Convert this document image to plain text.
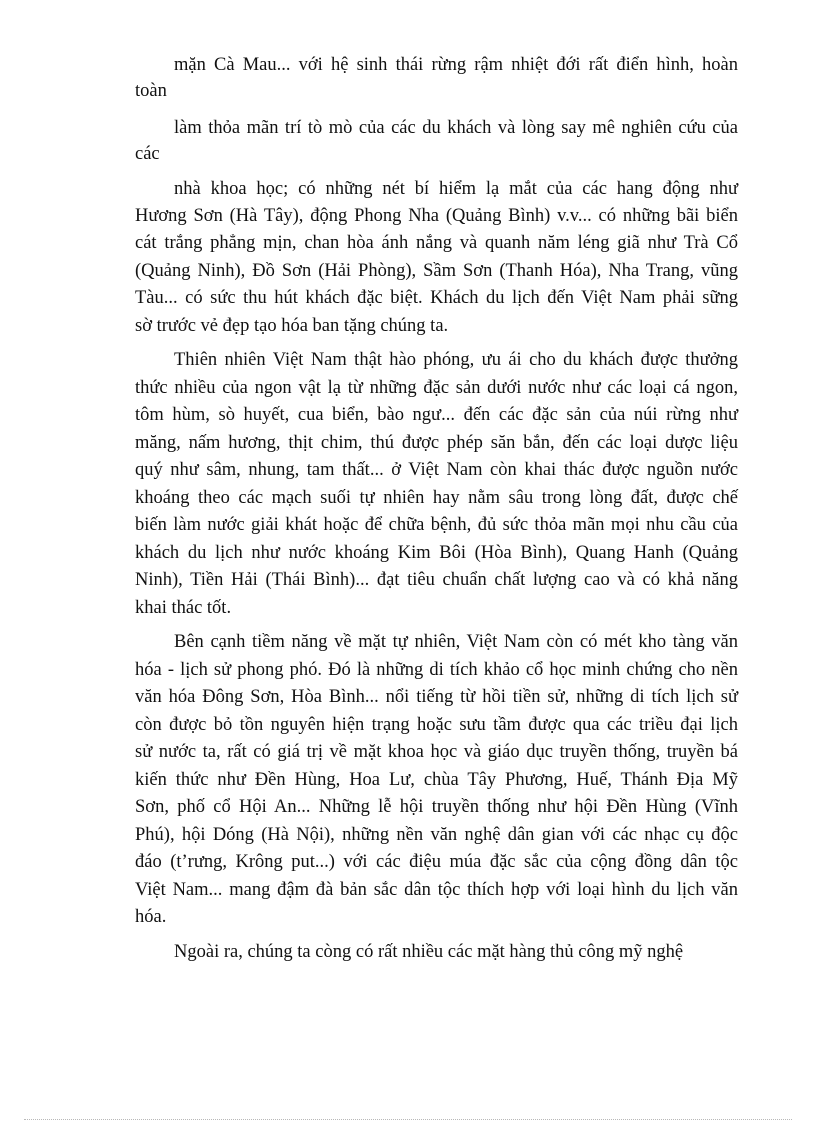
mặn Cà Mau... với hệ sinh thái rừng rậm nhiệt đới rất điển hình, hoàn
toàn
làm thỏa mãn trí tò mò của các du khách và lòng say mê nghiên cứu của
các
nhà khoa học; có những nét bí hiểm lạ mắt của các hang động như
Hương Sơn (Hà Tây), động Phong Nha (Quảng Bình) v.v... có những bãi biển
cát trắng phẳng mịn, chan hòa ánh nắng và quanh năm léng giã như Trà Cổ
(Quảng Ninh), Đồ Sơn (Hải Phòng), Sầm Sơn (Thanh Hóa), Nha Trang, vũng
Tàu... có sức thu hút khách đặc biệt. Khách du lịch đến Việt Nam phải sững
sờ trước vẻ đẹp tạo hóa ban tặng chúng ta.
Thiên nhiên Việt Nam thật hào phóng, ưu ái cho du khách được thưởng
thức nhiều của ngon vật lạ từ những đặc sản dưới nước như các loại cá ngon,
tôm hùm, sò huyết, cua biển, bào ngư... đến các đặc sản của núi rừng như
măng, nấm hương, thịt chim, thú được phép săn bắn, đến các loại dược liệu
quý như sâm, nhung, tam thất... ở Việt Nam còn khai thác được nguồn nước
khoáng theo các mạch suối tự nhiên hay nằm sâu trong lòng đất, được chế
biến làm nước giải khát hoặc để chữa bệnh, đủ sức thỏa mãn mọi nhu cầu của
khách du lịch như nước khoáng Kim Bôi (Hòa Bình), Quang Hanh (Quảng
Ninh), Tiền Hải (Thái Bình)... đạt tiêu chuẩn chất lượng cao và có khả năng
khai thác tốt.
Bên cạnh tiềm năng về mặt tự nhiên, Việt Nam còn có mét kho tàng văn
hóa - lịch sử phong phó. Đó là những di tích khảo cổ học minh chứng cho nền
văn hóa Đông Sơn, Hòa Bình... nổi tiếng từ hồi tiền sử, những di tích lịch sử
còn được bỏ tồn nguyên hiện trạng hoặc sưu tầm được qua các triều đại lịch
sử nước ta, rất có giá trị về mặt khoa học và giáo dục truyền thống, truyền bá
kiến thức như Đền Hùng, Hoa Lư, chùa Tây Phương, Huế, Thánh Địa Mỹ
Sơn, phố cổ Hội An... Những lễ hội truyền thống như hội Đền Hùng (Vĩnh
Phú), hội Dóng (Hà Nội), những nền văn nghệ dân gian với các nhạc cụ độc
đáo (t’rưng, Krông put...) với các điệu múa đặc sắc của cộng đồng dân tộc
Việt Nam... mang đậm đà bản sắc dân tộc thích hợp với loại hình du lịch văn
hóa.
Ngoài ra, chúng ta còng có rất nhiều các mặt hàng thủ công mỹ nghệ
